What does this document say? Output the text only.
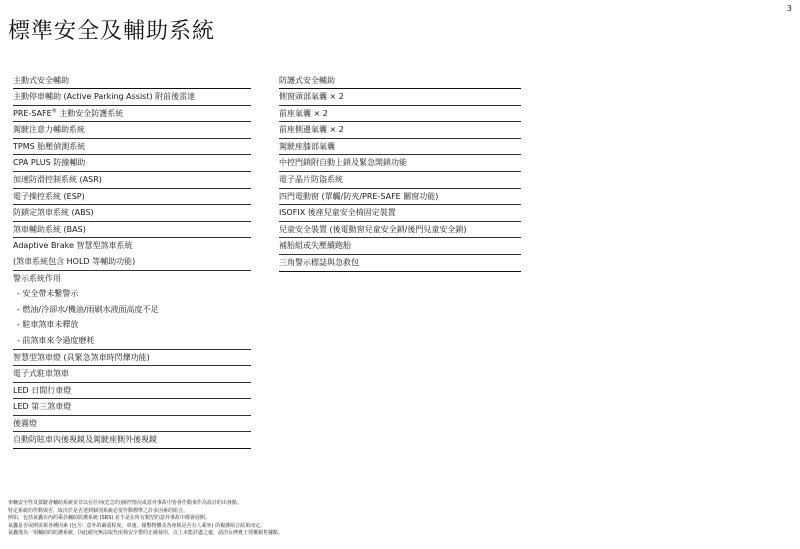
3
標準安全及輔助系統
主動式安全輔助
主動停車輔助 (Active Parking Assist) 附前後雷達
PRE-SAFE® 主動安全防護系統
駕駛注意力輔助系統
TPMS 胎壓偵測系統
CPA PLUS 防撞輔助
加速防滑控制系統 (ASR)
電子操控系統 (ESP)
防鎖定煞車系統 (ABS)
煞車輔助系統 (BAS)
Adaptive Brake 智慧型煞車系統
(煞車系統包含 HOLD 等輔助功能)
警示系統作用
- 安全帶未繫警示
- 燃油/冷卻水/機油/雨刷水液面高度不足
- 駐車煞車未釋放
- 前煞車來令過度磨耗
智慧型煞車燈 (具緊急煞車時閃爍功能)
電子式駐車煞車
LED 日間行車燈
LED 第三煞車燈
後霧燈
自動防眩車內後視鏡及駕駛座側外後視鏡
防護式安全輔助
側窗頭部氣囊 × 2
前座氣囊 × 2
前座側邊氣囊 × 2
駕駛座膝部氣囊
中控門鎖附自動上鎖及緊急開鎖功能
電子晶片防盜系統
四門電動窗 (單觸/防夾/PRE-SAFE 關窗功能)
ISOFIX 後座兒童安全椅固定裝置
兒童安全裝置 (後電動窗兒童安全鎖/後門兒童安全鎖)
補胎組或失壓續跑胎
三角警示標誌與急救包
車輛安全性及駕駛者輔助系統並非以在任何(危急的)操控情況或意外事故中皆會作動來作為設計的出發點。
特定系統的作動與否，取決於是否達到個別系統必要作動標準之許多因素的組合。
例如，包括氣囊在內的乘員輔助防護系統 (SRS) 並不是在所有類型的意外事故中都會展開。
氣囊是否展開需視各種因素 (包含：意外的嚴重程度、車速、撞擊物體及各座椅是否有人乘坐) 的複雜組合結果而定。
氣囊僅為一項輔助的防護系統，因此絕究無法取代座椅安全帶的正確使用，以上未能詳盡之處，請洽台灣賓士授權銷售據點。
